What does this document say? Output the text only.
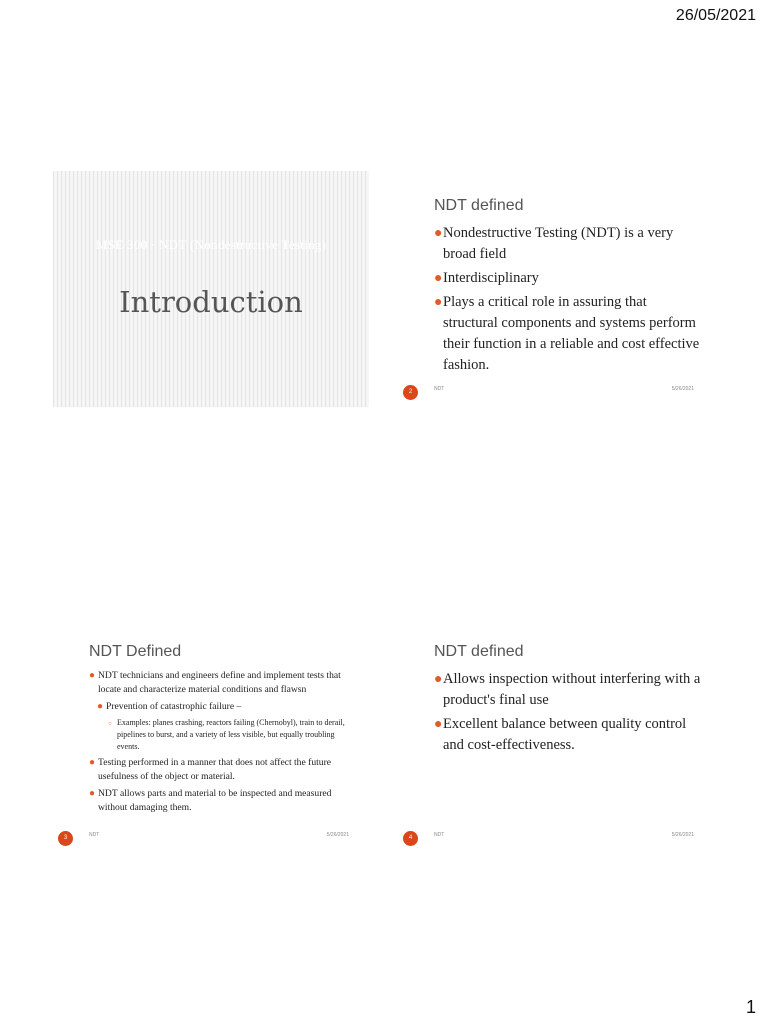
26/05/2021
MSE 300 · NDT (Nondestructive Testing)
Introduction
NDT defined
● Nondestructive Testing (NDT) is a very broad field
● Interdisciplinary
● Plays a critical role in assuring that structural components and systems perform their function in a reliable and cost effective fashion.
2	NDT	5/26/2021
NDT Defined
● NDT technicians and engineers define and implement tests that locate and characterize material conditions and flawsn
● Prevention of catastrophic failure –
○ Examples: planes crashing, reactors failing (Chernobyl), train to derail, pipelines to burst, and a variety of less visible, but equally troubling events.
● Testing performed in a manner that does not affect the future usefulness of the object or material.
● NDT allows parts and material to be inspected and measured without damaging them.
3	NDT	5/26/2021
NDT defined
● Allows inspection without interfering with a product's final use
● Excellent balance between quality control and cost-effectiveness.
4	NDT	5/26/2021
1
